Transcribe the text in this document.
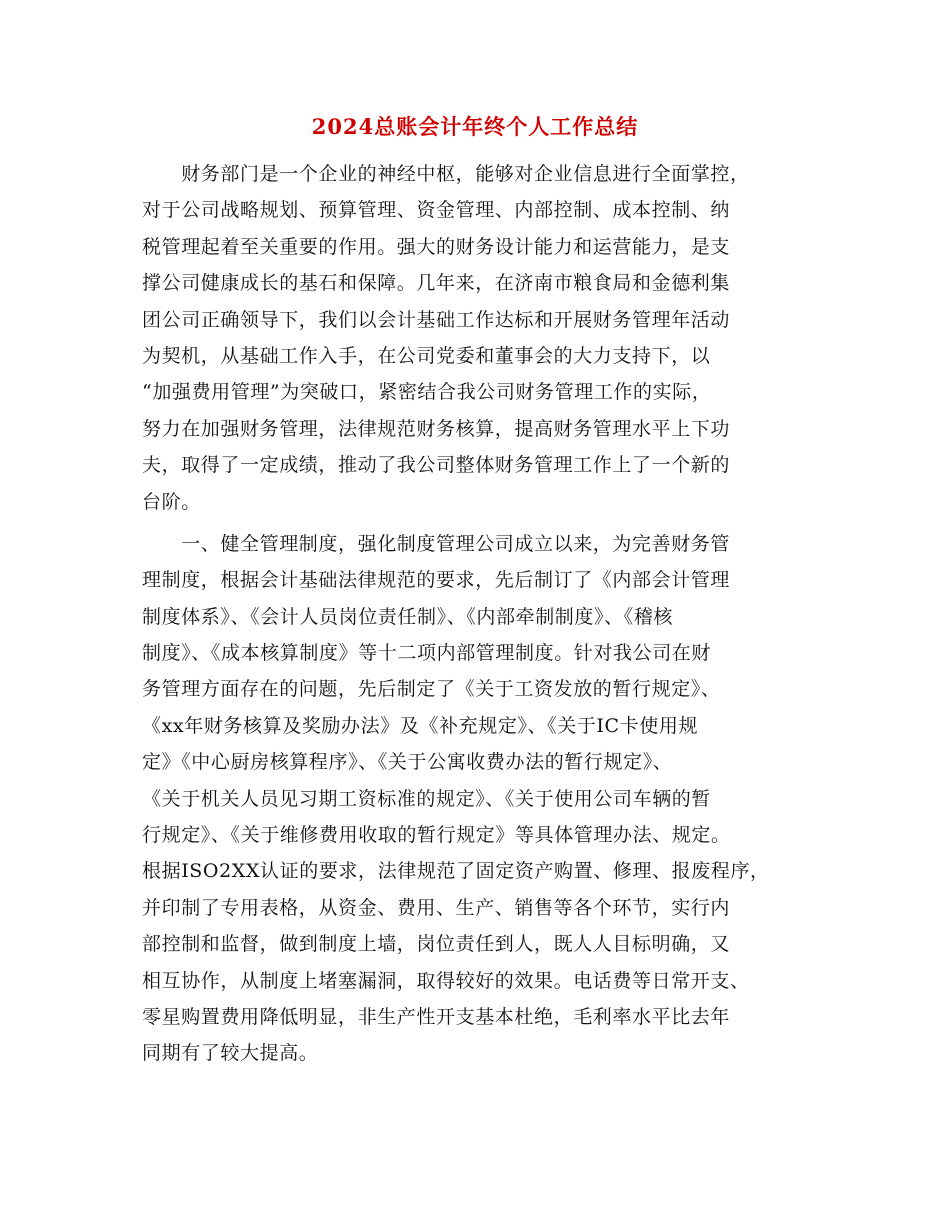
2024总账会计年终个人工作总结
　　财务部门是一个企业的神经中枢，能够对企业信息进行全面掌控，
对于公司战略规划、预算管理、资金管理、内部控制、成本控制、纳
税管理起着至关重要的作用。强大的财务设计能力和运营能力，是支
撑公司健康成长的基石和保障。几年来，在济南市粮食局和金德利集
团公司正确领导下，我们以会计基础工作达标和开展财务管理年活动
为契机，从基础工作入手，在公司党委和董事会的大力支持下，以
“加强费用管理”为突破口，紧密结合我公司财务管理工作的实际，
努力在加强财务管理，法律规范财务核算，提高财务管理水平上下功
夫，取得了一定成绩，推动了我公司整体财务管理工作上了一个新的
台阶。
　　一、健全管理制度，强化制度管理公司成立以来，为完善财务管
理制度，根据会计基础法律规范的要求，先后制订了《内部会计管理
制度体系》、《会计人员岗位责任制》、《内部牵制制度》、《稽核
制度》、《成本核算制度》等十二项内部管理制度。针对我公司在财
务管理方面存在的问题，先后制定了《关于工资发放的暂行规定》、
《xx年财务核算及奖励办法》及《补充规定》、《关于IC卡使用规
定》《中心厨房核算程序》、《关于公寓收费办法的暂行规定》、
《关于机关人员见习期工资标准的规定》、《关于使用公司车辆的暂
行规定》、《关于维修费用收取的暂行规定》等具体管理办法、规定。
根据ISO2XX认证的要求，法律规范了固定资产购置、修理、报废程序，
并印制了专用表格，从资金、费用、生产、销售等各个环节，实行内
部控制和监督，做到制度上墙，岗位责任到人，既人人目标明确，又
相互协作，从制度上堵塞漏洞，取得较好的效果。电话费等日常开支、
零星购置费用降低明显，非生产性开支基本杜绝，毛利率水平比去年
同期有了较大提高。
